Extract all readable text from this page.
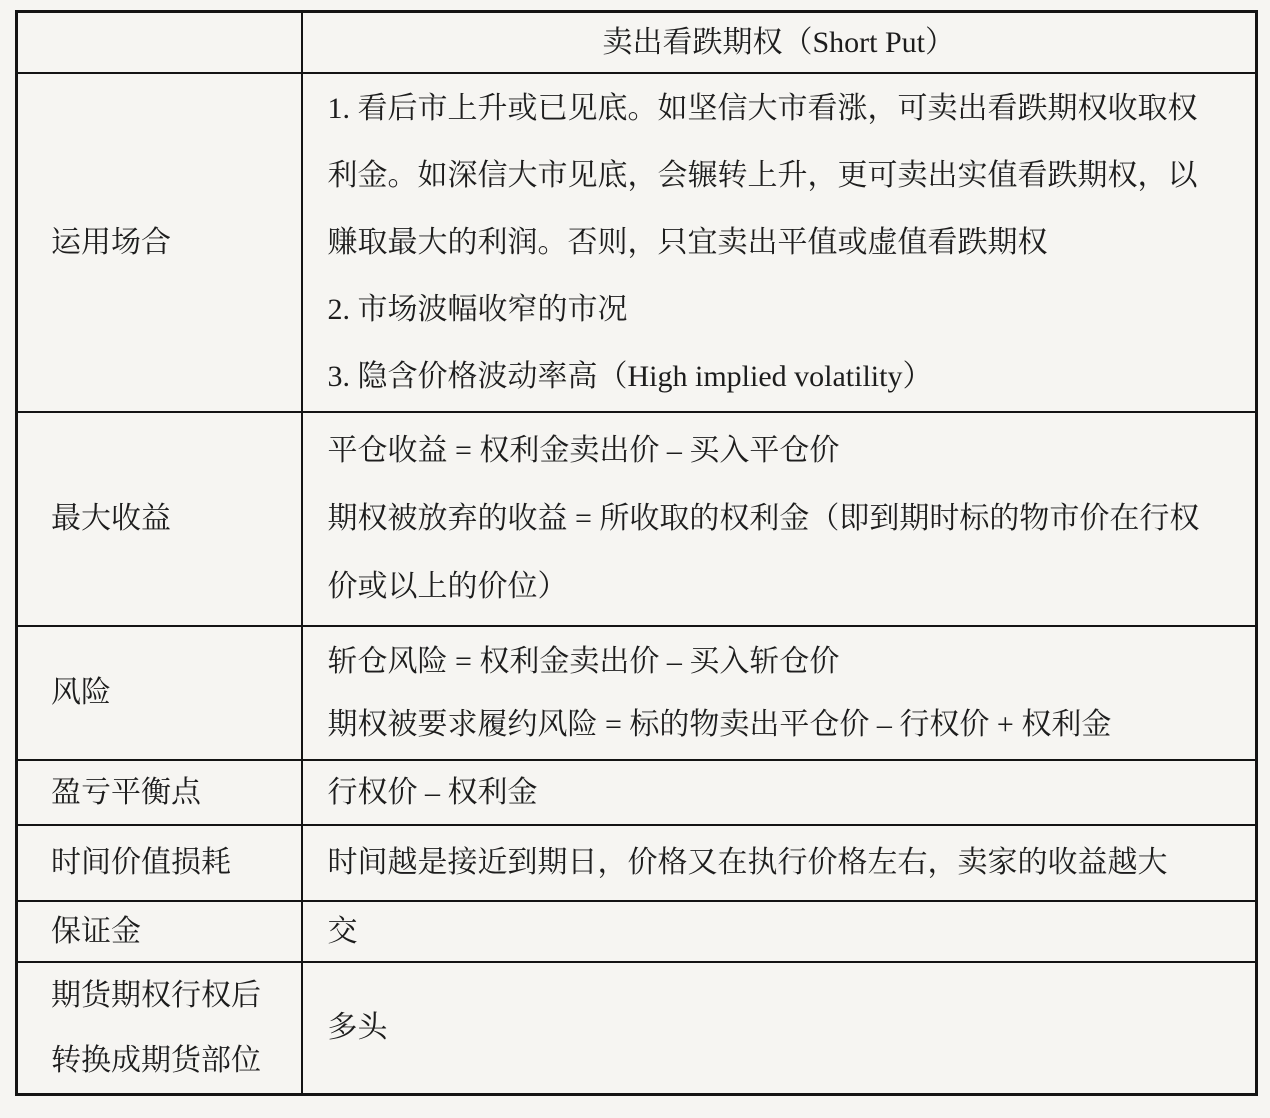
	卖出看跌期权（Short Put）
运用场合	1. 看后市上升或已见底。如坚信大市看涨，可卖出看跌期权收取权利金。如深信大市见底，会辗转上升，更可卖出实值看跌期权，以赚取最大的利润。否则，只宜卖出平值或虚值看跌期权

2. 市场波幅收窄的市况

3. 隐含价格波动率高（High implied volatility）

最大收益	平仓收益 = 权利金卖出价 – 买入平仓价

期权被放弃的收益 = 所收取的权利金（即到期时标的物市价在行权价或以上的价位）

风险	斩仓风险 = 权利金卖出价 – 买入斩仓价

期权被要求履约风险 = 标的物卖出平仓价 – 行权价 + 权利金

盈亏平衡点	行权价 – 权利金

时间价值损耗	时间越是接近到期日，价格又在执行价格左右，卖家的收益越大

保证金	交

期货期权行权后转换成期货部位	多头
